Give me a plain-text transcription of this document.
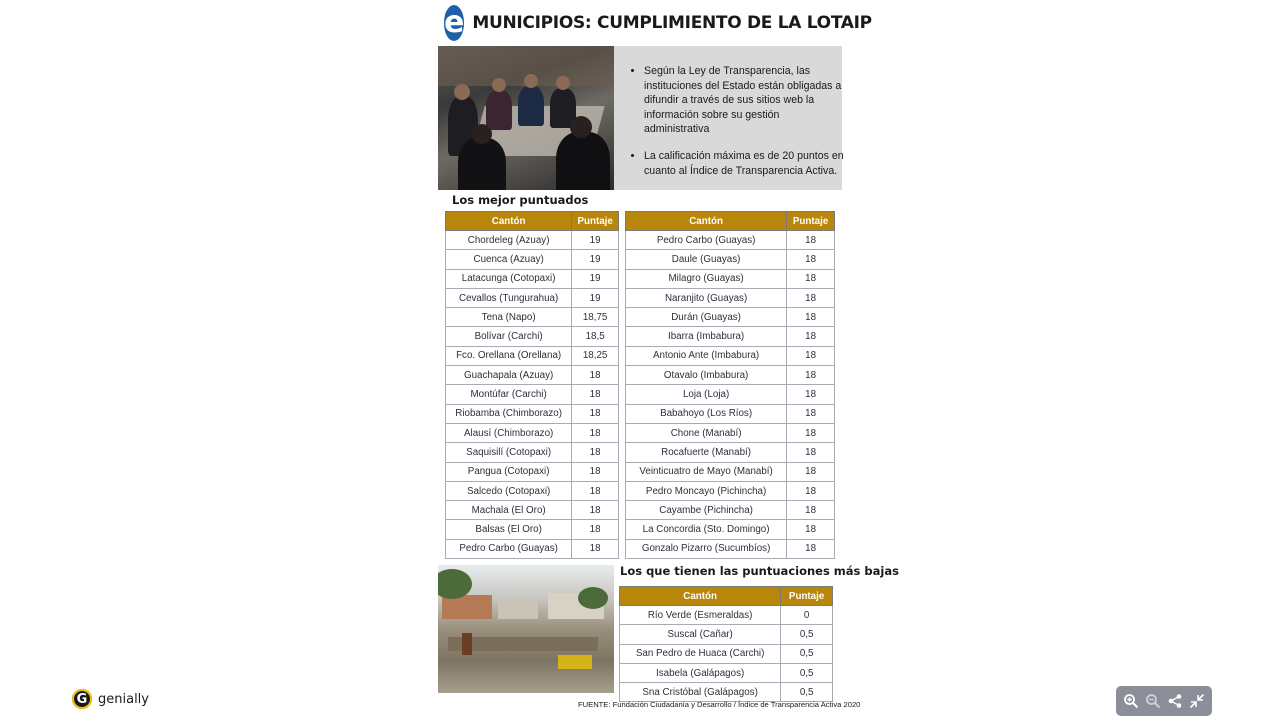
e MUNICIPIOS: CUMPLIMIENTO DE LA LOTAIP
• Según la Ley de Transparencia, las instituciones del Estado están obligadas a difundir a través de sus sitios web la información sobre su gestión administrativa
• La calificación máxima es de 20 puntos en cuanto al Índice de Transparencia Activa.
Los mejor puntuados
Cantón	Puntaje
Chordeleg (Azuay)	19
Cuenca (Azuay)	19
Latacunga (Cotopaxi)	19
Cevallos (Tungurahua)	19
Tena (Napo)	18,75
Bolívar (Carchi)	18,5
Fco. Orellana (Orellana)	18,25
Guachapala (Azuay)	18
Montúfar (Carchi)	18
Riobamba (Chimborazo)	18
Alausí (Chimborazo)	18
Saquisilí (Cotopaxi)	18
Pangua (Cotopaxi)	18
Salcedo (Cotopaxi)	18
Machala (El Oro)	18
Balsas (El Oro)	18
Pedro Carbo (Guayas)	18
Cantón	Puntaje
Pedro Carbo (Guayas)	18
Daule (Guayas)	18
Milagro (Guayas)	18
Naranjito (Guayas)	18
Durán (Guayas)	18
Ibarra (Imbabura)	18
Antonio Ante (Imbabura)	18
Otavalo (Imbabura)	18
Loja (Loja)	18
Babahoyo (Los Ríos)	18
Chone (Manabí)	18
Rocafuerte (Manabí)	18
Veinticuatro de Mayo (Manabí)	18
Pedro Moncayo (Pichincha)	18
Cayambe (Pichincha)	18
La Concordia (Sto. Domingo)	18
Gonzalo Pizarro (Sucumbíos)	18
Los que tienen las puntuaciones más bajas
Cantón	Puntaje
Río Verde (Esmeraldas)	0
Suscal (Cañar)	0,5
San Pedro de Huaca (Carchi)	0,5
Isabela (Galápagos)	0,5
Sna Cristóbal (Galápagos)	0,5
FUENTE: Fundación Ciudadanía y Desarrollo / Índice de Transparencia Activa 2020
G genially
